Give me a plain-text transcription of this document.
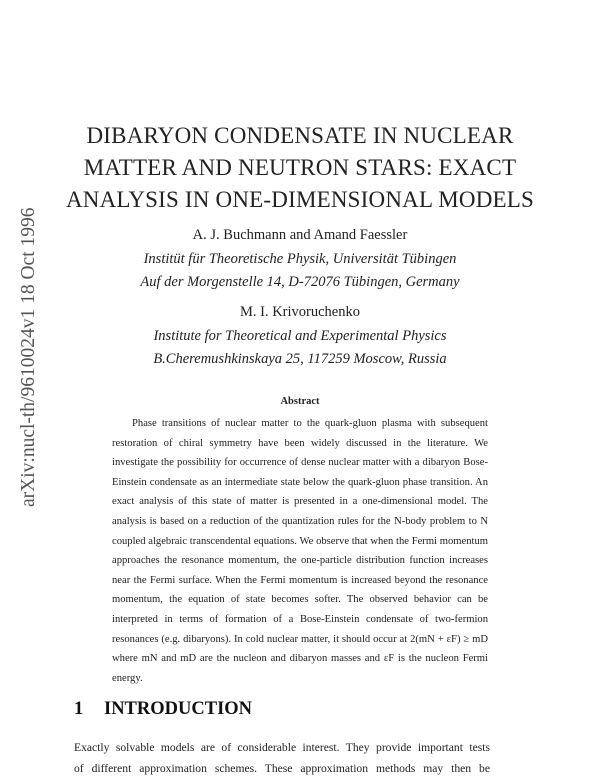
arXiv:nucl-th/9610024v1 18 Oct 1996
DIBARYON CONDENSATE IN NUCLEAR
MATTER AND NEUTRON STARS: EXACT
ANALYSIS IN ONE-DIMENSIONAL MODELS
A. J. Buchmann and Amand Faessler
Institüt für Theoretische Physik, Universität Tübingen
Auf der Morgenstelle 14, D-72076 Tübingen, Germany
M. I. Krivoruchenko
Institute for Theoretical and Experimental Physics
B.Cheremushkinskaya 25, 117259 Moscow, Russia
Abstract
Phase transitions of nuclear matter to the quark-gluon plasma with subsequent restoration of chiral symmetry have been widely discussed in the literature. We investigate the possibility for occurrence of dense nuclear matter with a dibaryon Bose-Einstein condensate as an intermediate state below the quark-gluon phase transition. An exact analysis of this state of matter is presented in a one-dimensional model. The analysis is based on a reduction of the quantization rules for the N-body problem to N coupled algebraic transcendental equations. We observe that when the Fermi momentum approaches the resonance momentum, the one-particle distribution function increases near the Fermi surface. When the Fermi momentum is increased beyond the resonance momentum, the equation of state becomes softer. The observed behavior can be interpreted in terms of formation of a Bose-Einstein condensate of two-fermion resonances (e.g. dibaryons). In cold nuclear matter, it should occur at 2(mN + εF) ≥ mD where mN and mD are the nucleon and dibaryon masses and εF is the nucleon Fermi energy.
1 INTRODUCTION
Exactly solvable models are of considerable interest. They provide important tests
of different approximation schemes. These approximation methods may then be
